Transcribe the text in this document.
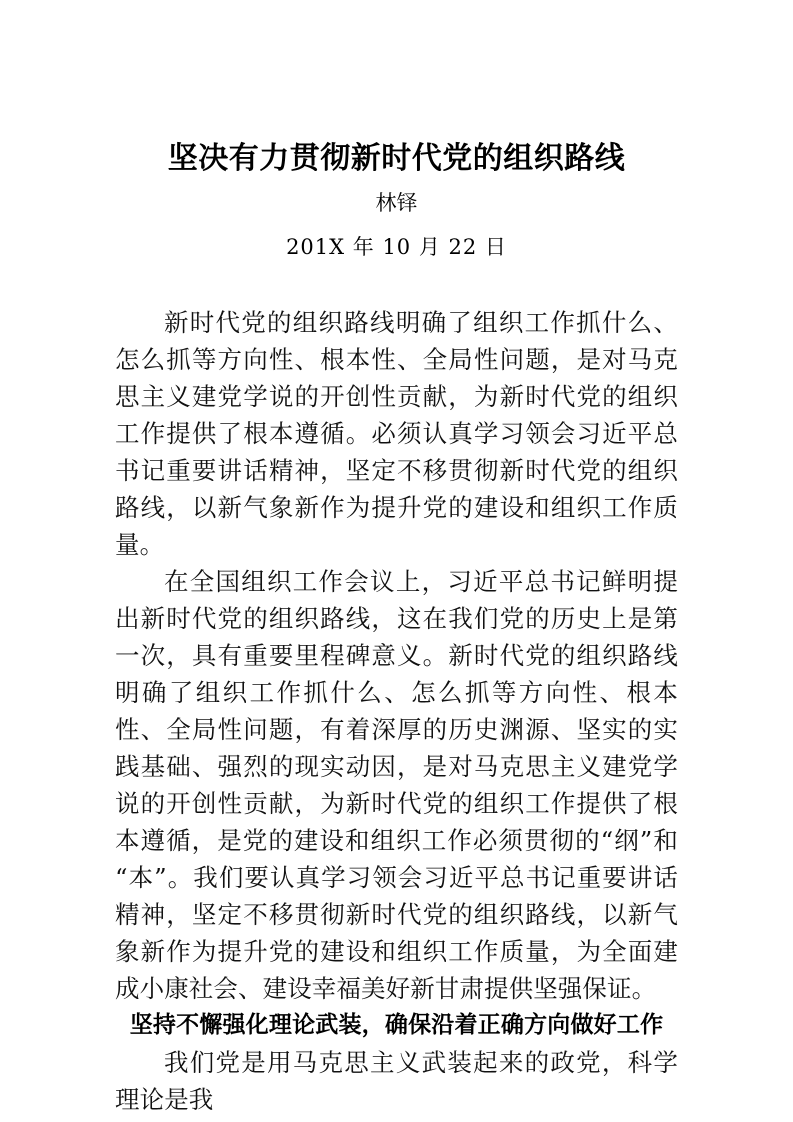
坚决有力贯彻新时代党的组织路线
林铎
201X 年 10 月 22 日

新时代党的组织路线明确了组织工作抓什么、怎么抓等方向性、根本性、全局性问题，是对马克思主义建党学说的开创性贡献，为新时代党的组织工作提供了根本遵循。必须认真学习领会习近平总书记重要讲话精神，坚定不移贯彻新时代党的组织路线，以新气象新作为提升党的建设和组织工作质量。

在全国组织工作会议上，习近平总书记鲜明提出新时代党的组织路线，这在我们党的历史上是第一次，具有重要里程碑意义。新时代党的组织路线明确了组织工作抓什么、怎么抓等方向性、根本性、全局性问题，有着深厚的历史渊源、坚实的实践基础、强烈的现实动因，是对马克思主义建党学说的开创性贡献，为新时代党的组织工作提供了根本遵循，是党的建设和组织工作必须贯彻的“纲”和“本”。我们要认真学习领会习近平总书记重要讲话精神，坚定不移贯彻新时代党的组织路线，以新气象新作为提升党的建设和组织工作质量，为全面建成小康社会、建设幸福美好新甘肃提供坚强保证。

坚持不懈强化理论武装，确保沿着正确方向做好工作

我们党是用马克思主义武装起来的政党，科学理论是我
